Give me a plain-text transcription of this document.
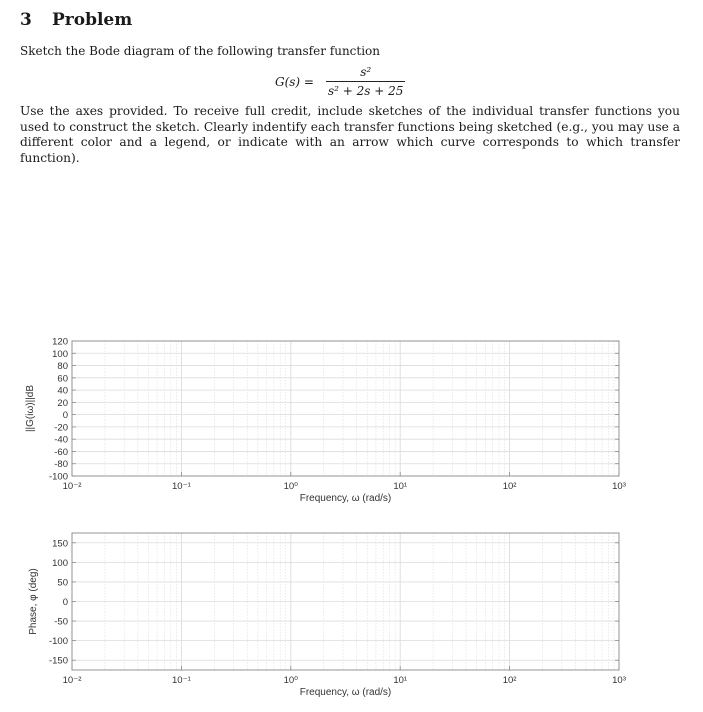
3 Problem
Sketch the Bode diagram of the following transfer function
$G(s) = \frac{\text{s²}}{\text{s² + 2s + 25}}$
Use the axes provided. To receive full credit, include sketches of the individual transfer functions you used to construct the sketch. Clearly indentify each transfer functions being sketched (e.g., you may use a different color and a legend, or indicate with an arrow which curve corresponds to which transfer function).
120
100
80
60
40
20
0
-20
-40
-60
-80
-100
10⁻²	10⁻¹	10⁰	10¹	10²	10³
Frequency, ω (rad/s)
||G(iω)||dB
150
100
50
0
-50
-100
-150
10⁻²	10⁻¹	10⁰	10¹	10²	10³
Frequency, ω (rad/s)
Phase, φ (deg)
